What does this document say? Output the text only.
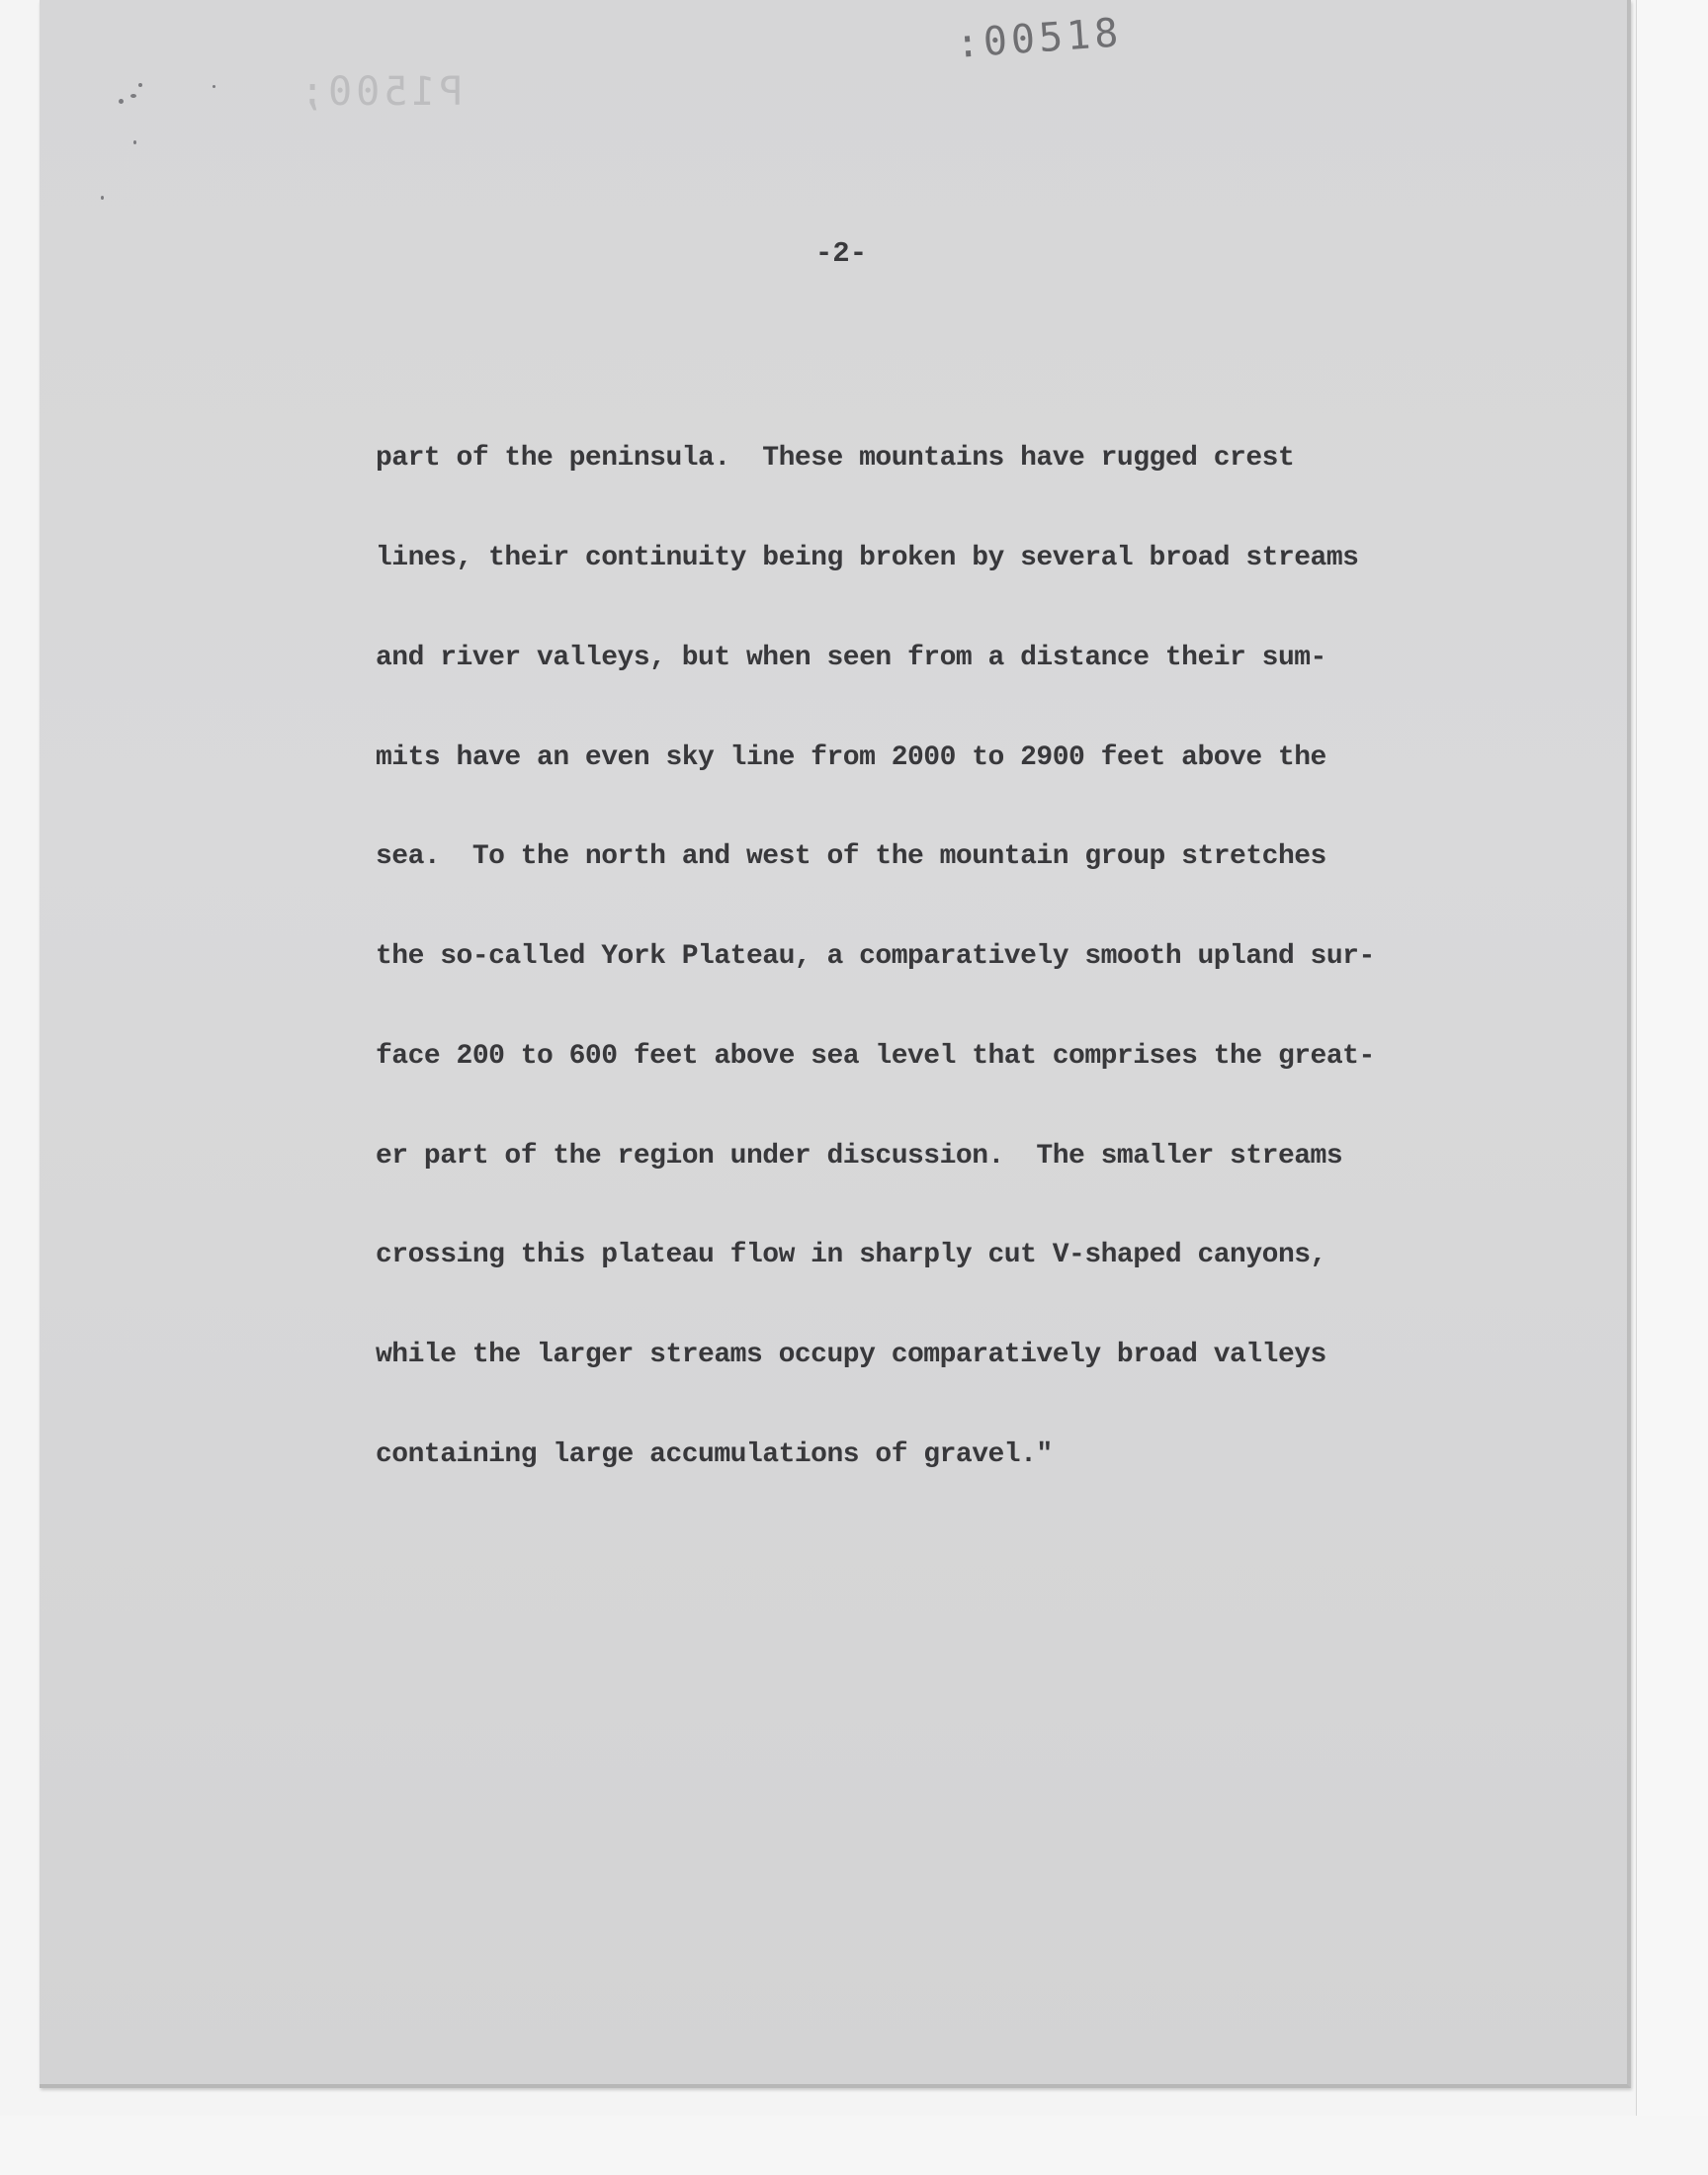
:00518

P1500;

-2-

part of the peninsula.  These mountains have rugged crest

lines, their continuity being broken by several broad streams

and river valleys, but when seen from a distance their sum-

mits have an even sky line from 2000 to 2900 feet above the

sea.  To the north and west of the mountain group stretches

the so-called York Plateau, a comparatively smooth upland sur-

face 200 to 600 feet above sea level that comprises the great-

er part of the region under discussion.  The smaller streams

crossing this plateau flow in sharply cut V-shaped canyons,

while the larger streams occupy comparatively broad valleys

containing large accumulations of gravel."
